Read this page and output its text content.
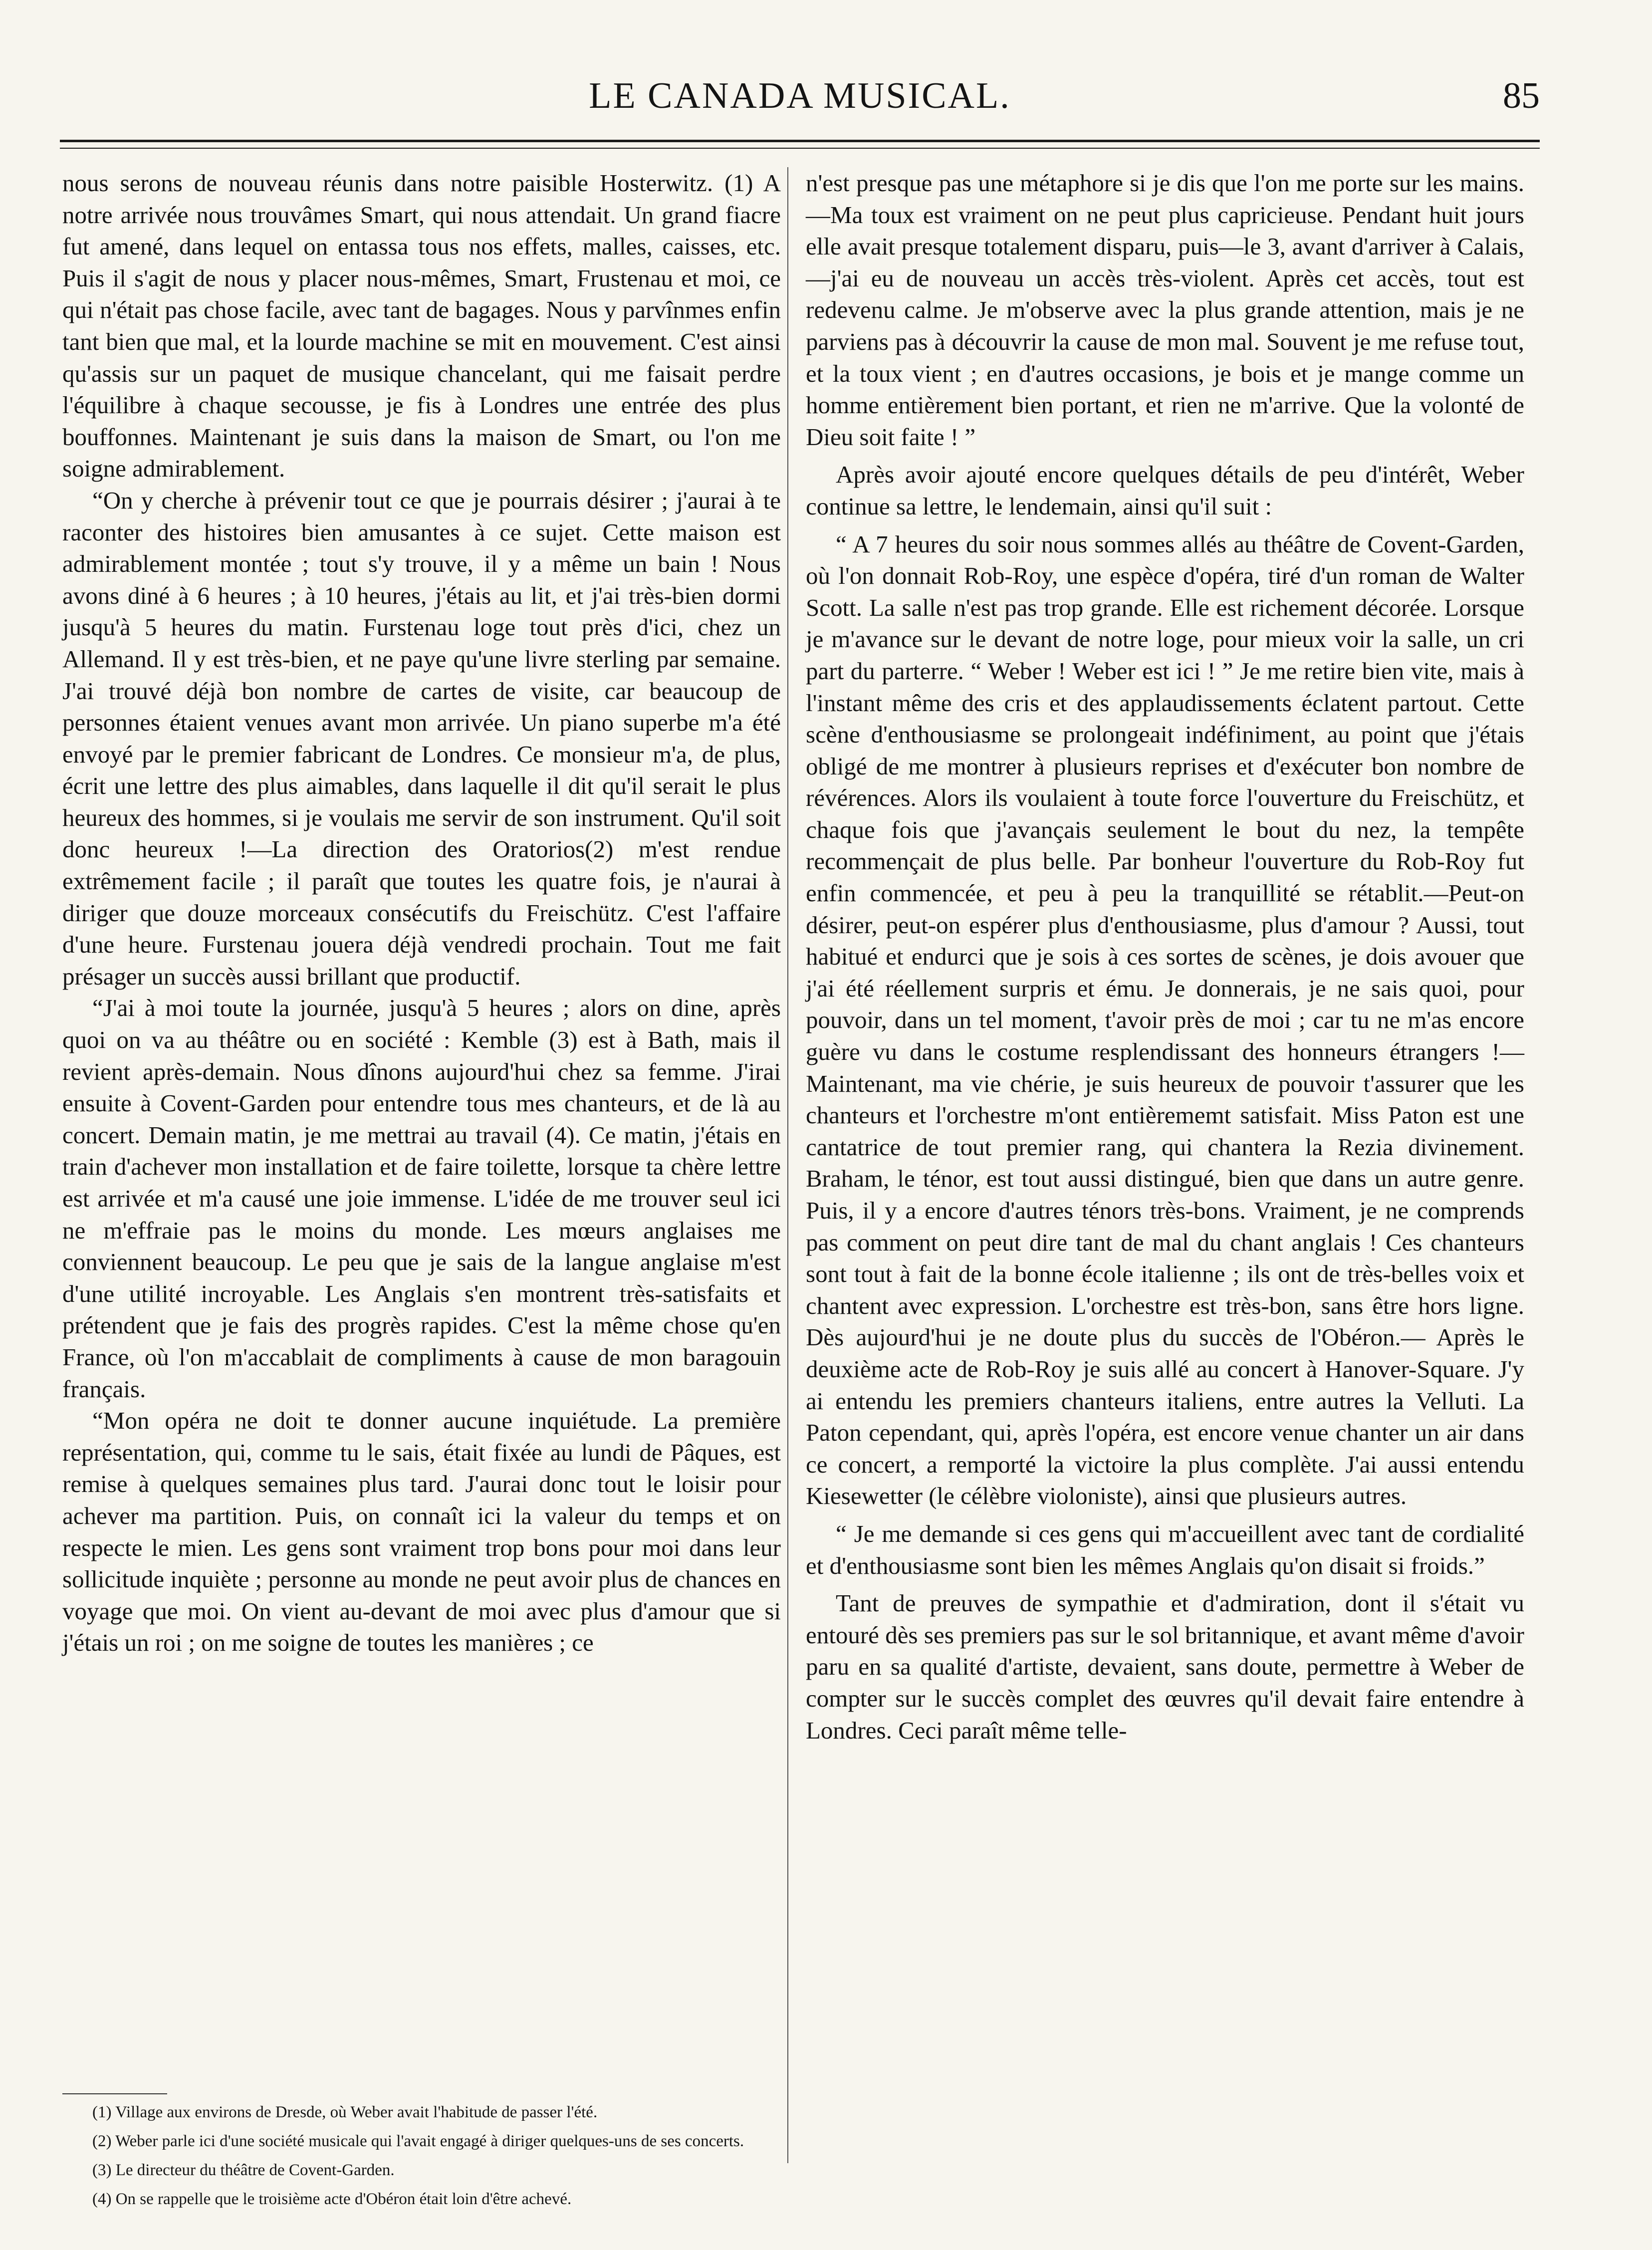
LE CANADA MUSICAL.	85

nous serons de nouveau réunis dans notre paisible Hosterwitz. (1) A notre arrivée nous trouvâmes Smart, qui nous attendait. Un grand fiacre fut amené, dans lequel on entassa tous nos effets, malles, caisses, etc. Puis il s'agit de nous y placer nous-mêmes, Smart, Frustenau et moi, ce qui n'était pas chose facile, avec tant de bagages. Nous y parvînmes enfin tant bien que mal, et la lourde machine se mit en mouvement. C'est ainsi qu'assis sur un paquet de musique chancelant, qui me faisait perdre l'équilibre à chaque secousse, je fis à Londres une entrée des plus bouffonnes. Maintenant je suis dans la maison de Smart, ou l'on me soigne admirablement.

“On y cherche à prévenir tout ce que je pourrais désirer ; j'aurai à te raconter des histoires bien amusantes à ce sujet. Cette maison est admirablement montée ; tout s'y trouve, il y a même un bain ! Nous avons diné à 6 heures ; à 10 heures, j'étais au lit, et j'ai très-bien dormi jusqu'à 5 heures du matin. Furstenau loge tout près d'ici, chez un Allemand. Il y est très-bien, et ne paye qu'une livre sterling par semaine. J'ai trouvé déjà bon nombre de cartes de visite, car beaucoup de personnes étaient venues avant mon arrivée. Un piano superbe m'a été envoyé par le premier fabricant de Londres. Ce monsieur m'a, de plus, écrit une lettre des plus aimables, dans laquelle il dit qu'il serait le plus heureux des hommes, si je voulais me servir de son instrument. Qu'il soit donc heureux !—La direction des Oratorios(2) m'est rendue extrêmement facile ; il paraît que toutes les quatre fois, je n'aurai à diriger que douze morceaux consécutifs du Freischütz. C'est l'affaire d'une heure. Furstenau jouera déjà vendredi prochain. Tout me fait présager un succès aussi brillant que productif.

“J'ai à moi toute la journée, jusqu'à 5 heures ; alors on dine, après quoi on va au théâtre ou en société : Kemble (3) est à Bath, mais il revient après-demain. Nous dînons aujourd'hui chez sa femme. J'irai ensuite à Covent-Garden pour entendre tous mes chanteurs, et de là au concert. Demain matin, je me mettrai au travail (4). Ce matin, j'étais en train d'achever mon installation et de faire toilette, lorsque ta chère lettre est arrivée et m'a causé une joie immense. L'idée de me trouver seul ici ne m'effraie pas le moins du monde. Les mœurs anglaises me conviennent beaucoup. Le peu que je sais de la langue anglaise m'est d'une utilité incroyable. Les Anglais s'en montrent très-satisfaits et prétendent que je fais des progrès rapides. C'est la même chose qu'en France, où l'on m'accablait de compliments à cause de mon baragouin français.

“Mon opéra ne doit te donner aucune inquiétude. La première représentation, qui, comme tu le sais, était fixée au lundi de Pâques, est remise à quelques semaines plus tard. J'aurai donc tout le loisir pour achever ma partition. Puis, on connaît ici la valeur du temps et on respecte le mien. Les gens sont vraiment trop bons pour moi dans leur sollicitude inquiète ; personne au monde ne peut avoir plus de chances en voyage que moi. On vient au-devant de moi avec plus d'amour que si j'étais un roi ; on me soigne de toutes les manières ; ce

n'est presque pas une métaphore si je dis que l'on me porte sur les mains.—Ma toux est vraiment on ne peut plus capricieuse. Pendant huit jours elle avait presque totalement disparu, puis—le 3, avant d'arriver à Calais, —j'ai eu de nouveau un accès très-violent. Après cet accès, tout est redevenu calme. Je m'observe avec la plus grande attention, mais je ne parviens pas à découvrir la cause de mon mal. Souvent je me refuse tout, et la toux vient ; en d'autres occasions, je bois et je mange comme un homme entièrement bien portant, et rien ne m'arrive. Que la volonté de Dieu soit faite ! ”

Après avoir ajouté encore quelques détails de peu d'intérêt, Weber continue sa lettre, le lendemain, ainsi qu'il suit :

“ A 7 heures du soir nous sommes allés au théâtre de Covent-Garden, où l'on donnait Rob-Roy, une espèce d'opéra, tiré d'un roman de Walter Scott. La salle n'est pas trop grande. Elle est richement décorée. Lorsque je m'avance sur le devant de notre loge, pour mieux voir la salle, un cri part du parterre. “ Weber ! Weber est ici ! ” Je me retire bien vite, mais à l'instant même des cris et des applaudissements éclatent partout. Cette scène d'enthousiasme se prolongeait indéfiniment, au point que j'étais obligé de me montrer à plusieurs reprises et d'exécuter bon nombre de révérences. Alors ils voulaient à toute force l'ouverture du Freischütz, et chaque fois que j'avançais seulement le bout du nez, la tempête recommençait de plus belle. Par bonheur l'ouverture du Rob-Roy fut enfin commencée, et peu à peu la tranquillité se rétablit.—Peut-on désirer, peut-on espérer plus d'enthousiasme, plus d'amour ? Aussi, tout habitué et endurci que je sois à ces sortes de scènes, je dois avouer que j'ai été réellement surpris et ému. Je donnerais, je ne sais quoi, pour pouvoir, dans un tel moment, t'avoir près de moi ; car tu ne m'as encore guère vu dans le costume resplendissant des honneurs étrangers !— Maintenant, ma vie chérie, je suis heureux de pouvoir t'assurer que les chanteurs et l'orchestre m'ont entièrememt satisfait. Miss Paton est une cantatrice de tout premier rang, qui chantera la Rezia divinement. Braham, le ténor, est tout aussi distingué, bien que dans un autre genre. Puis, il y a encore d'autres ténors très-bons. Vraiment, je ne comprends pas comment on peut dire tant de mal du chant anglais ! Ces chanteurs sont tout à fait de la bonne école italienne ; ils ont de très-belles voix et chantent avec expression. L'orchestre est très-bon, sans être hors ligne. Dès aujourd'hui je ne doute plus du succès de l'Obéron.— Après le deuxième acte de Rob-Roy je suis allé au concert à Hanover-Square. J'y ai entendu les premiers chanteurs italiens, entre autres la Velluti. La Paton cependant, qui, après l'opéra, est encore venue chanter un air dans ce concert, a remporté la victoire la plus complète. J'ai aussi entendu Kiesewetter (le célèbre violoniste), ainsi que plusieurs autres.

“ Je me demande si ces gens qui m'accueillent avec tant de cordialité et d'enthousiasme sont bien les mêmes Anglais qu'on disait si froids.”

Tant de preuves de sympathie et d'admiration, dont il s'était vu entouré dès ses premiers pas sur le sol britannique, et avant même d'avoir paru en sa qualité d'artiste, devaient, sans doute, permettre à Weber de compter sur le succès complet des œuvres qu'il devait faire entendre à Londres. Ceci paraît même telle-

(1) Village aux environs de Dresde, où Weber avait l'habitude de passer l'été.

(2) Weber parle ici d'une société musicale qui l'avait engagé à diriger quelques-uns de ses concerts.

(3) Le directeur du théâtre de Covent-Garden.

(4) On se rappelle que le troisième acte d'Obéron était loin d'être achevé.
